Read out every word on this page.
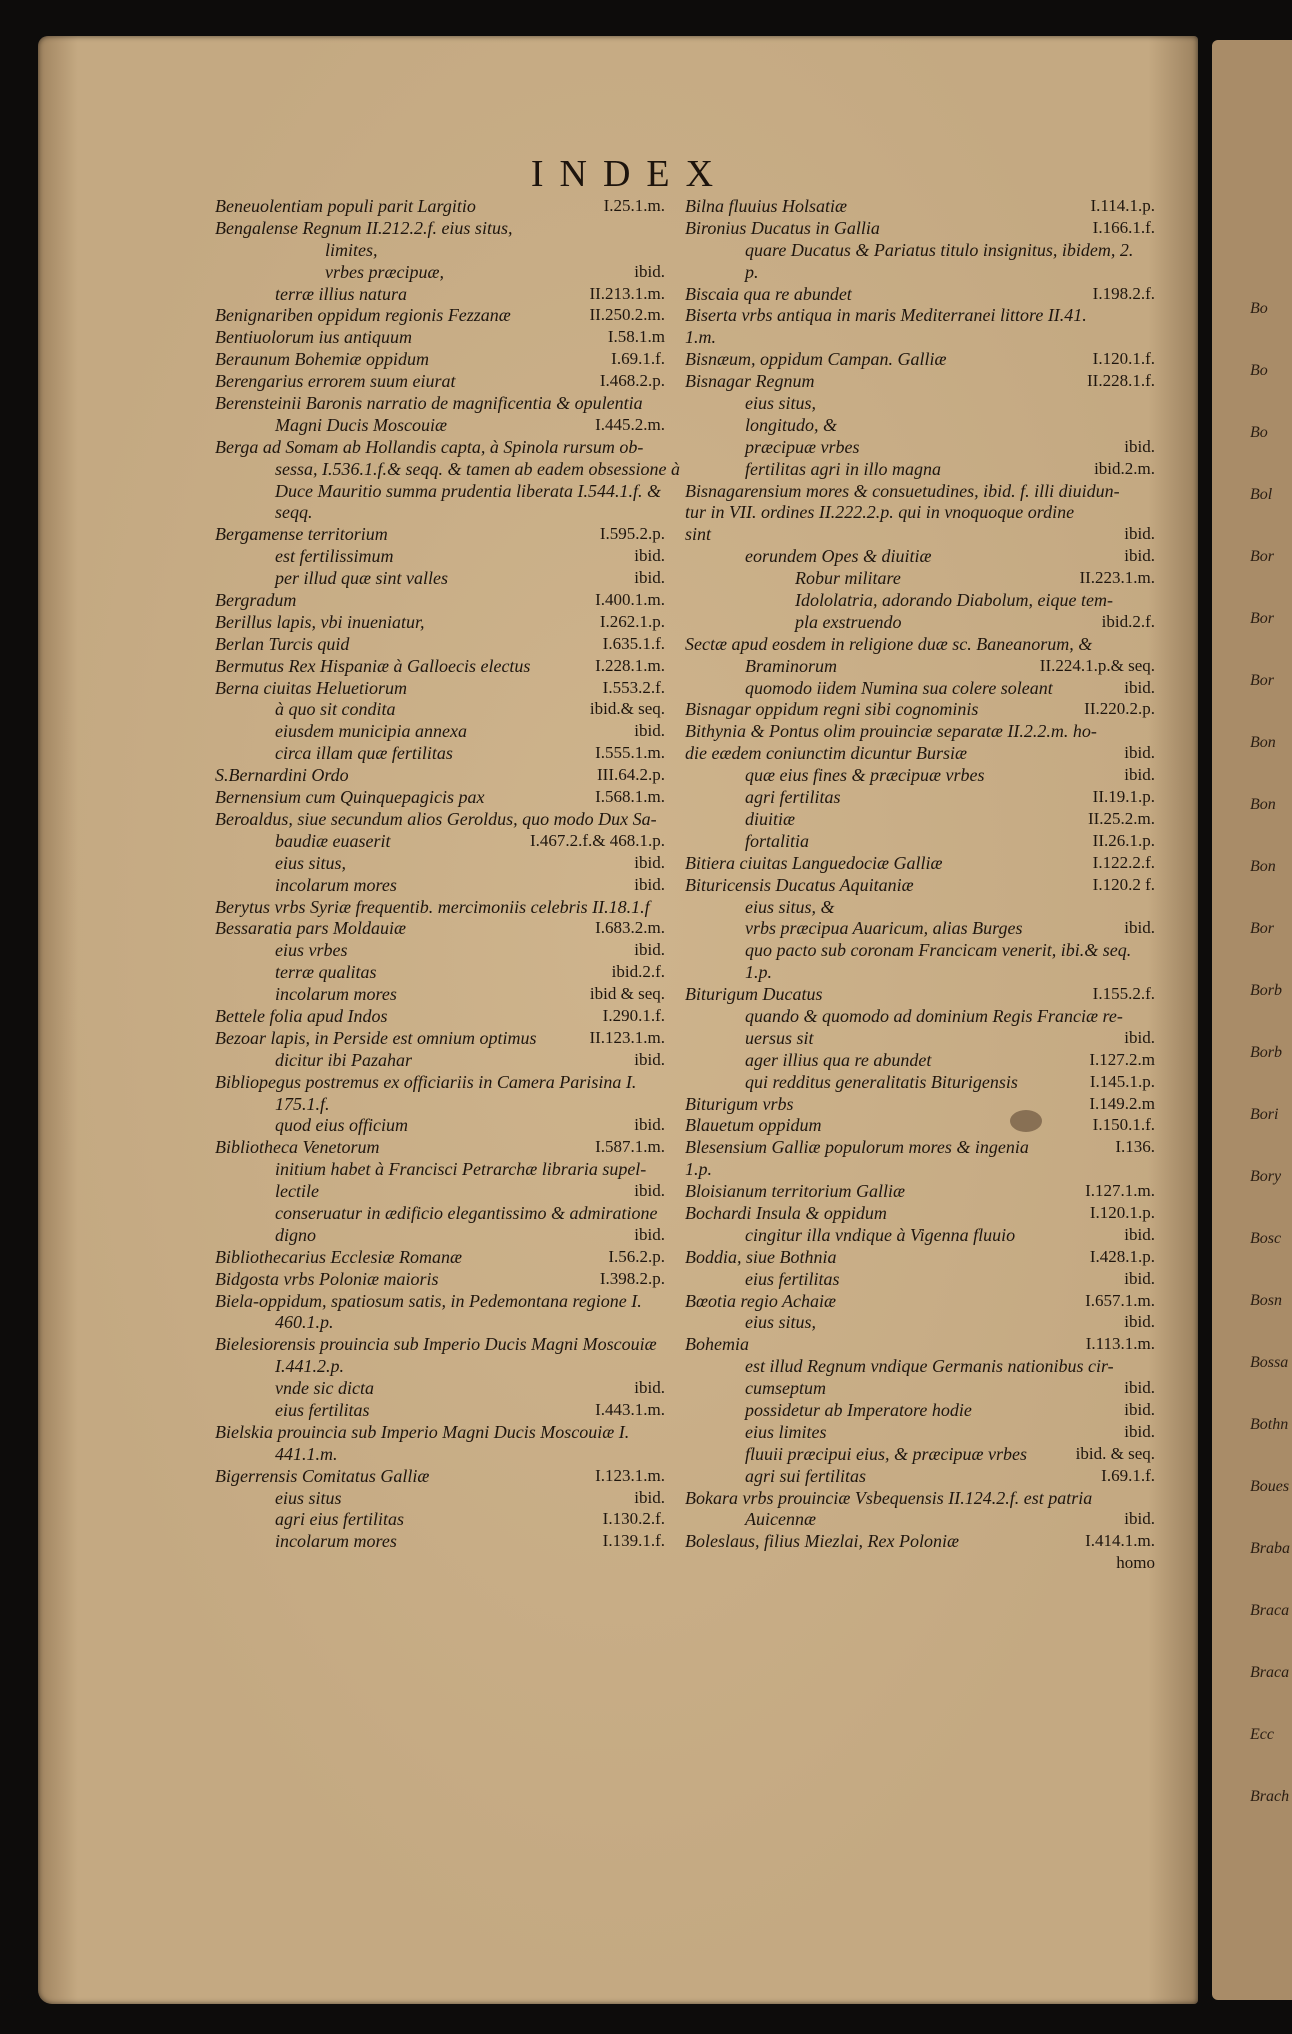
Bo
Bo
Bo
Bol
Bor
Bor
Bor
Bon
Bon
Bon
Bor
Borb
Borb
Bori
Bory
Bosc
Bosn
Bossa
Bothn
Boues
Braba
Braca
Braca
Ecc
Brach
INDEX
Beneuolentiam populi parit Largitio	I.25.1.m.
Bengalense Regnum II.212.2.f. eius situs,
limites,
vrbes præcipuæ,	ibid.
terræ illius natura	II.213.1.m.
Benignariben oppidum regionis Fezzanæ	II.250.2.m.
Bentiuolorum ius antiquum	I.58.1.m
Beraunum Bohemiæ oppidum	I.69.1.f.
Berengarius errorem suum eiurat	I.468.2.p.
Berensteinii Baronis narratio de magnificentia & opulentia
Magni Ducis Moscouiæ	I.445.2.m.
Berga ad Somam ab Hollandis capta, à Spinola rursum ob-
sessa, I.536.1.f.& seqq. & tamen ab eadem obsessione à
Duce Mauritio summa prudentia liberata I.544.1.f. &
seqq.
Bergamense territorium	I.595.2.p.
est fertilissimum	ibid.
per illud quæ sint valles	ibid.
Bergradum	I.400.1.m.
Berillus lapis, vbi inueniatur,	I.262.1.p.
Berlan Turcis quid	I.635.1.f.
Bermutus Rex Hispaniæ à Galloecis electus	I.228.1.m.
Berna ciuitas Heluetiorum	I.553.2.f.
à quo sit condita	ibid.& seq.
eiusdem municipia annexa	ibid.
circa illam quæ fertilitas	I.555.1.m.
S.Bernardini Ordo	III.64.2.p.
Bernensium cum Quinquepagicis pax	I.568.1.m.
Beroaldus, siue secundum alios Geroldus, quo modo Dux Sa-
baudiæ euaserit	I.467.2.f.& 468.1.p.
eius situs,	ibid.
incolarum mores	ibid.
Berytus vrbs Syriæ frequentib. mercimoniis celebris II.18.1.f
Bessaratia pars Moldauiæ	I.683.2.m.
eius vrbes	ibid.
terræ qualitas	ibid.2.f.
incolarum mores	ibid & seq.
Bettele folia apud Indos	I.290.1.f.
Bezoar lapis, in Perside est omnium optimus	II.123.1.m.
dicitur ibi Pazahar	ibid.
Bibliopegus postremus ex officiariis in Camera Parisina I.
175.1.f.
quod eius officium	ibid.
Bibliotheca Venetorum	I.587.1.m.
initium habet à Francisci Petrarchæ libraria supel-
lectile	ibid.
conseruatur in ædificio elegantissimo & admiratione
digno	ibid.
Bibliothecarius Ecclesiæ Romanæ	I.56.2.p.
Bidgosta vrbs Poloniæ maioris	I.398.2.p.
Biela-oppidum, spatiosum satis, in Pedemontana regione I.
460.1.p.
Bielesiorensis prouincia sub Imperio Ducis Magni Moscouiæ
I.441.2.p.
vnde sic dicta	ibid.
eius fertilitas	I.443.1.m.
Bielskia prouincia sub Imperio Magni Ducis Moscouiæ I.
441.1.m.
Bigerrensis Comitatus Galliæ	I.123.1.m.
eius situs	ibid.
agri eius fertilitas	I.130.2.f.
incolarum mores	I.139.1.f.
Bilna fluuius Holsatiæ	I.114.1.p.
Bironius Ducatus in Gallia	I.166.1.f.
quare Ducatus & Pariatus titulo insignitus, ibidem, 2.
p.
Biscaia qua re abundet	I.198.2.f.
Biserta vrbs antiqua in maris Mediterranei littore II.41.
1.m.
Bisnæum, oppidum Campan. Galliæ	I.120.1.f.
Bisnagar Regnum	II.228.1.f.
eius situs,
longitudo, &
præcipuæ vrbes	ibid.
fertilitas agri in illo magna	ibid.2.m.
Bisnagarensium mores & consuetudines, ibid. f. illi diuidun-
tur in VII. ordines II.222.2.p. qui in vnoquoque ordine
sint	ibid.
eorundem Opes & diuitiæ	ibid.
Robur militare	II.223.1.m.
Idololatria, adorando Diabolum, eique tem-
pla exstruendo	ibid.2.f.
Sectæ apud eosdem in religione duæ sc. Baneanorum, &
Braminorum	II.224.1.p.& seq.
quomodo iidem Numina sua colere soleant	ibid.
Bisnagar oppidum regni sibi cognominis	II.220.2.p.
Bithynia & Pontus olim prouinciæ separatæ II.2.2.m. ho-
die eædem coniunctim dicuntur Bursiæ	ibid.
quæ eius fines & præcipuæ vrbes	ibid.
agri fertilitas	II.19.1.p.
diuitiæ	II.25.2.m.
fortalitia	II.26.1.p.
Bitiera ciuitas Languedociæ Galliæ	I.122.2.f.
Bituricensis Ducatus Aquitaniæ	I.120.2 f.
eius situs, &
vrbs præcipua Auaricum, alias Burges	ibid.
quo pacto sub coronam Francicam venerit, ibi.& seq.
1.p.
Biturigum Ducatus	I.155.2.f.
quando & quomodo ad dominium Regis Franciæ re-
uersus sit	ibid.
ager illius qua re abundet	I.127.2.m
qui redditus generalitatis Biturigensis	I.145.1.p.
Biturigum vrbs	I.149.2.m
Blauetum oppidum	I.150.1.f.
Blesensium Galliæ populorum mores & ingenia	I.136.
1.p.
Bloisianum territorium Galliæ	I.127.1.m.
Bochardi Insula & oppidum	I.120.1.p.
cingitur illa vndique à Vigenna fluuio	ibid.
Boddia, siue Bothnia	I.428.1.p.
eius fertilitas	ibid.
Bœotia regio Achaiæ	I.657.1.m.
eius situs,	ibid.
Bohemia	I.113.1.m.
est illud Regnum vndique Germanis nationibus cir-
cumseptum	ibid.
possidetur ab Imperatore hodie	ibid.
eius limites	ibid.
fluuii præcipui eius, & præcipuæ vrbes	ibid. & seq.
agri sui fertilitas	I.69.1.f.
Bokara vrbs prouinciæ Vsbequensis II.124.2.f. est patria
Auicennæ	ibid.
Boleslaus, filius Miezlai, Rex Poloniæ	I.414.1.m.
homo
